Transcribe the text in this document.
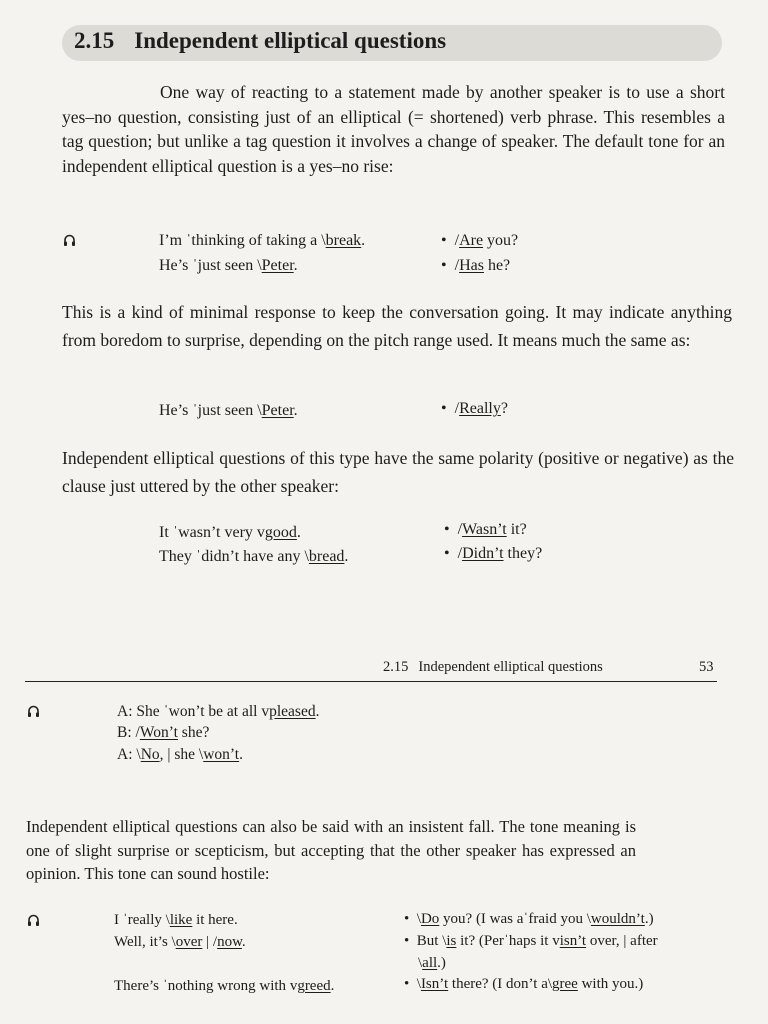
2.15 Independent elliptical questions
One way of reacting to a statement made by another speaker is to use a short yes–no question, consisting just of an elliptical (= shortened) verb phrase. This resembles a tag question; but unlike a tag question it involves a change of speaker. The default tone for an independent elliptical question is a yes–no rise:
I’m ˈthinking of taking a \break.
He’s ˈjust seen \Peter.
•  /Are you?
•  /Has he?
This is a kind of minimal response to keep the conversation going. It may indicate anything from boredom to surprise, depending on the pitch range used. It means much the same as:
He’s ˈjust seen \Peter.
•	/Really?
Independent elliptical questions of this type have the same polarity (positive or negative) as the clause just uttered by the other speaker:
It ˈwasn’t very vgood.
They ˈdidn’t have any \bread.
•  /Wasn’t it?
•  /Didn’t they?
2.15 Independent elliptical questions	53
A: She ˈwon’t be at all vpleased.
B: /Won’t she?
A: \No, | she \won’t.
Independent elliptical questions can also be said with an insistent fall. The tone meaning is one of slight surprise or scepticism, but accepting that the other speaker has expressed an opinion. This tone can sound hostile:
I ˈreally \like it here.
Well, it’s \over | /now.
There’s ˈnothing wrong with vgreed.
•  \Do you? (I was aˈfraid you \wouldn’t.)
•  But \is it? (Perˈhaps it visn’t over, | after
\all.)
•  \Isn’t there? (I don’t a\gree with you.)
